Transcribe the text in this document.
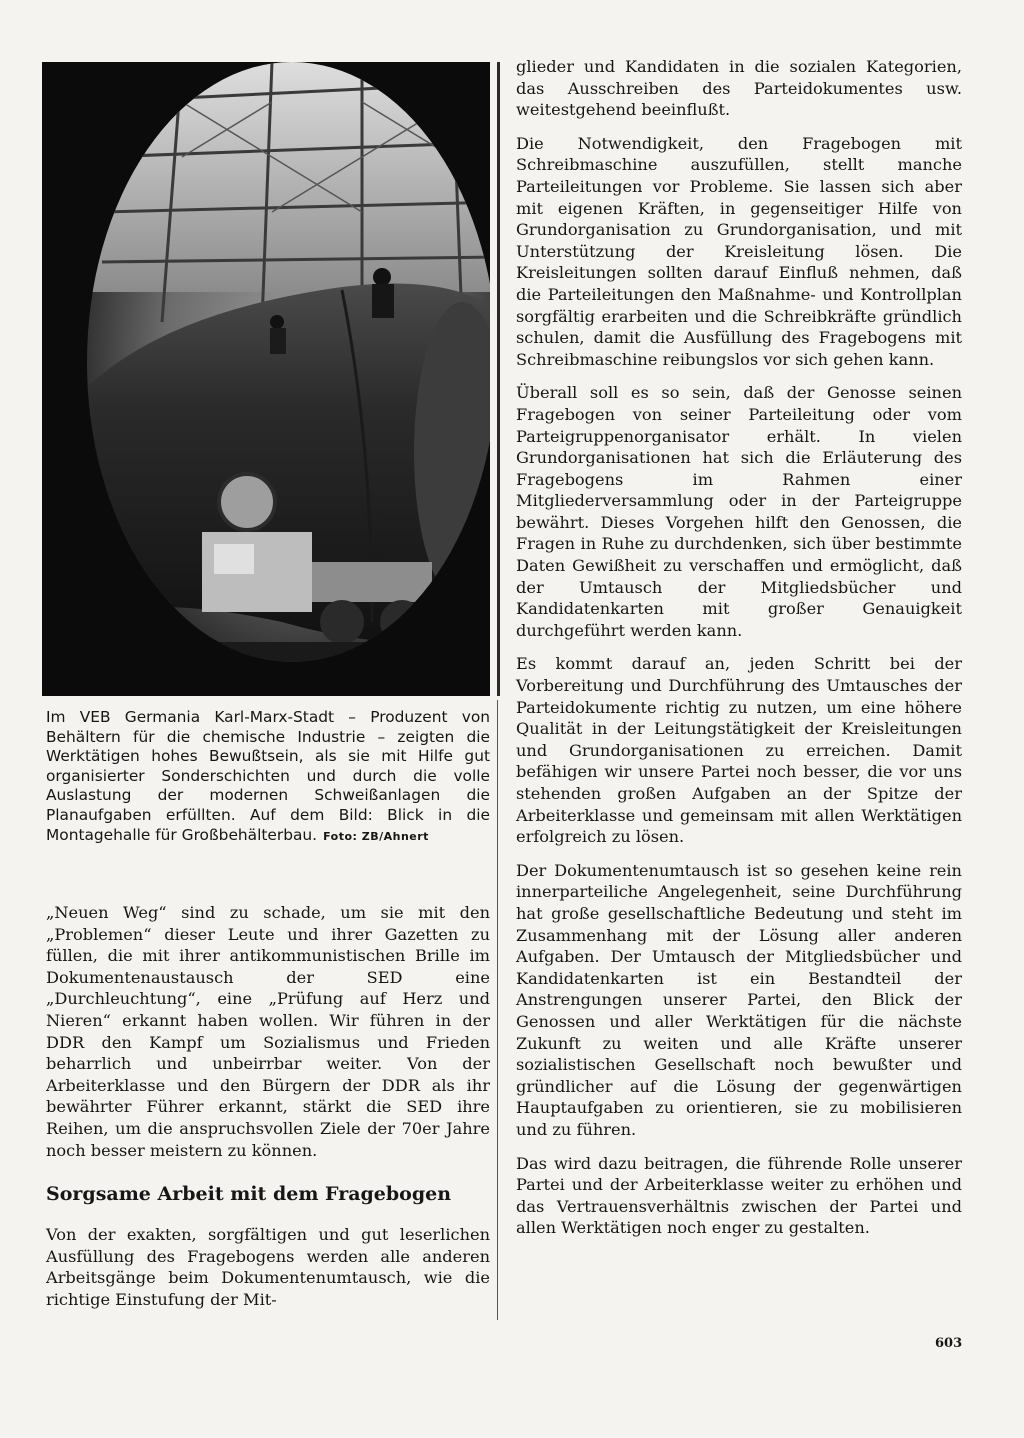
Im VEB Germania Karl-Marx-Stadt – Produzent von Behältern für die chemische Industrie – zeigten die Werktätigen hohes Bewußtsein, als sie mit Hilfe gut organisierter Sonderschichten und durch die volle Auslastung der modernen Schweißanlagen die Planaufgaben erfüllten. Auf dem Bild: Blick in die Montagehalle für Großbehälterbau. Foto: ZB/Ahnert

„Neuen Weg“ sind zu schade, um sie mit den „Problemen“ dieser Leute und ihrer Gazetten zu füllen, die mit ihrer antikommunistischen Brille im Dokumentenaustausch der SED eine „Durchleuchtung“, eine „Prüfung auf Herz und Nieren“ erkannt haben wollen. Wir führen in der DDR den Kampf um Sozialismus und Frieden beharrlich und unbeirrbar weiter. Von der Arbeiterklasse und den Bürgern der DDR als ihr bewährter Führer erkannt, stärkt die SED ihre Reihen, um die anspruchsvollen Ziele der 70er Jahre noch besser meistern zu können.

Sorgsame Arbeit mit dem Fragebogen

Von der exakten, sorgfältigen und gut leserlichen Ausfüllung des Fragebogens werden alle anderen Arbeitsgänge beim Dokumentenumtausch, wie die richtige Einstufung der Mit-

glieder und Kandidaten in die sozialen Kategorien, das Ausschreiben des Parteidokumentes usw. weitestgehend beeinflußt.

Die Notwendigkeit, den Fragebogen mit Schreibmaschine auszufüllen, stellt manche Parteileitungen vor Probleme. Sie lassen sich aber mit eigenen Kräften, in gegenseitiger Hilfe von Grundorganisation zu Grundorganisation, und mit Unterstützung der Kreisleitung lösen. Die Kreisleitungen sollten darauf Einfluß nehmen, daß die Parteileitungen den Maßnahme- und Kontrollplan sorgfältig erarbeiten und die Schreibkräfte gründlich schulen, damit die Ausfüllung des Fragebogens mit Schreibmaschine reibungslos vor sich gehen kann.

Überall soll es so sein, daß der Genosse seinen Fragebogen von seiner Parteileitung oder vom Parteigruppenorganisator erhält. In vielen Grundorganisationen hat sich die Erläuterung des Fragebogens im Rahmen einer Mitgliederversammlung oder in der Parteigruppe bewährt. Dieses Vorgehen hilft den Genossen, die Fragen in Ruhe zu durchdenken, sich über bestimmte Daten Gewißheit zu verschaffen und ermöglicht, daß der Umtausch der Mitgliedsbücher und Kandidatenkarten mit großer Genauigkeit durchgeführt werden kann.

Es kommt darauf an, jeden Schritt bei der Vorbereitung und Durchführung des Umtausches der Parteidokumente richtig zu nutzen, um eine höhere Qualität in der Leitungstätigkeit der Kreisleitungen und Grundorganisationen zu erreichen. Damit befähigen wir unsere Partei noch besser, die vor uns stehenden großen Aufgaben an der Spitze der Arbeiterklasse und gemeinsam mit allen Werktätigen erfolgreich zu lösen.

Der Dokumentenumtausch ist so gesehen keine rein innerparteiliche Angelegenheit, seine Durchführung hat große gesellschaftliche Bedeutung und steht im Zusammenhang mit der Lösung aller anderen Aufgaben. Der Umtausch der Mitgliedsbücher und Kandidatenkarten ist ein Bestandteil der Anstrengungen unserer Partei, den Blick der Genossen und aller Werktätigen für die nächste Zukunft zu weiten und alle Kräfte unserer sozialistischen Gesellschaft noch bewußter und gründlicher auf die Lösung der gegenwärtigen Hauptaufgaben zu orientieren, sie zu mobilisieren und zu führen.

Das wird dazu beitragen, die führende Rolle unserer Partei und der Arbeiterklasse weiter zu erhöhen und das Vertrauensverhältnis zwischen der Partei und allen Werktätigen noch enger zu gestalten.

603
